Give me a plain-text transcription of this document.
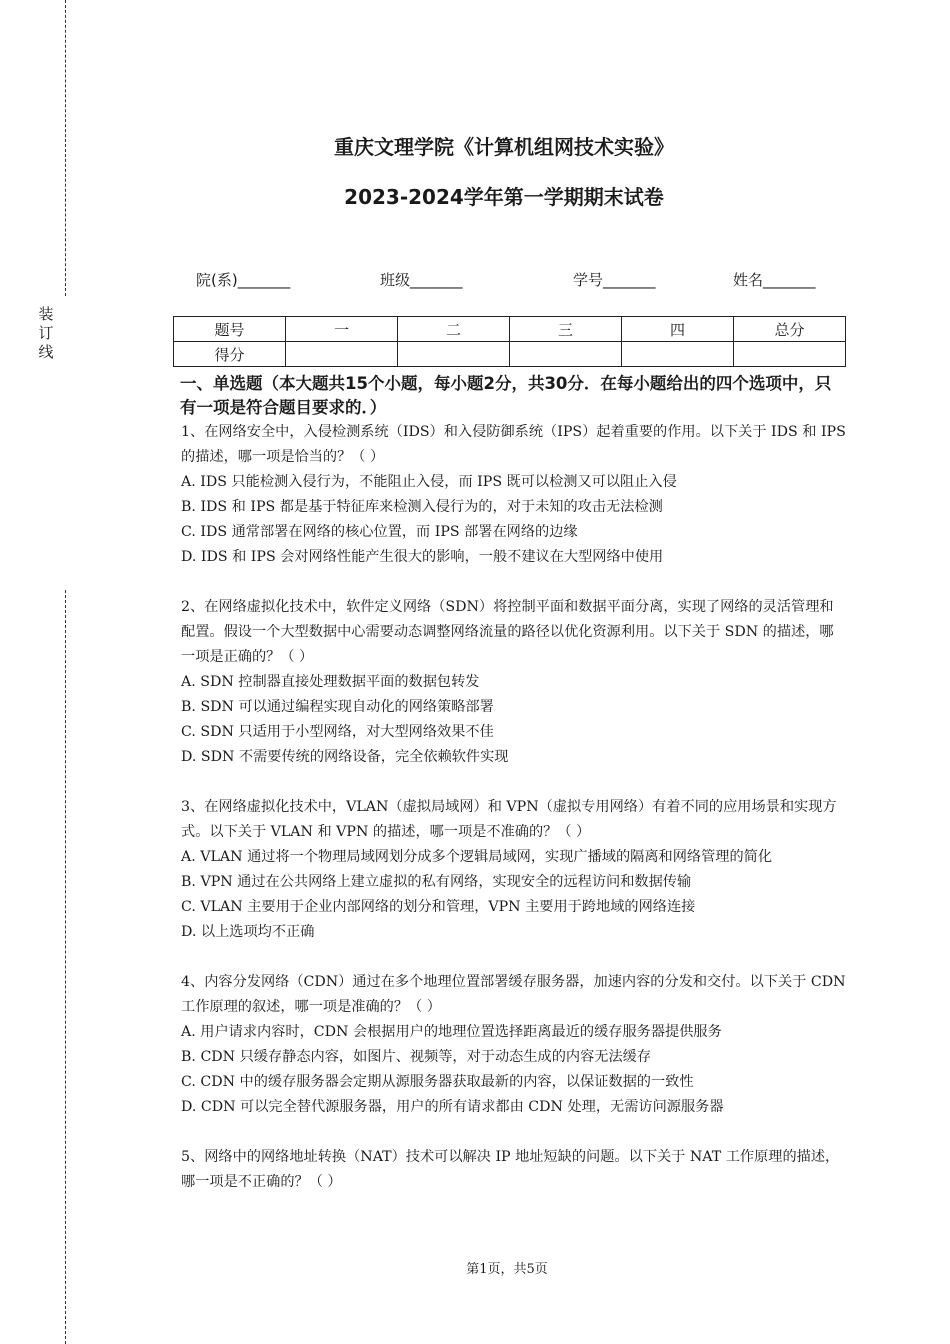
装订线
重庆文理学院《计算机组网技术实验》
2023-2024学年第一学期期末试卷
院(系)_______	班级_______	学号_______	姓名_______
题号	一	二	三	四	总分
得分					
一、单选题（本大题共15个小题，每小题2分，共30分．在每小题给出的四个选项中，只有一项是符合题目要求的．）

1、在网络安全中，入侵检测系统（IDS）和入侵防御系统（IPS）起着重要的作用。以下关于 IDS 和 IPS 的描述，哪一项是恰当的？（ ）

A. IDS 只能检测入侵行为，不能阻止入侵，而 IPS 既可以检测又可以阻止入侵

B. IDS 和 IPS 都是基于特征库来检测入侵行为的，对于未知的攻击无法检测

C. IDS 通常部署在网络的核心位置，而 IPS 部署在网络的边缘

D. IDS 和 IPS 会对网络性能产生很大的影响，一般不建议在大型网络中使用

2、在网络虚拟化技术中，软件定义网络（SDN）将控制平面和数据平面分离，实现了网络的灵活管理和配置。假设一个大型数据中心需要动态调整网络流量的路径以优化资源利用。以下关于 SDN 的描述，哪一项是正确的？（ ）

A. SDN 控制器直接处理数据平面的数据包转发

B. SDN 可以通过编程实现自动化的网络策略部署

C. SDN 只适用于小型网络，对大型网络效果不佳

D. SDN 不需要传统的网络设备，完全依赖软件实现

3、在网络虚拟化技术中，VLAN（虚拟局域网）和 VPN（虚拟专用网络）有着不同的应用场景和实现方式。以下关于 VLAN 和 VPN 的描述，哪一项是不准确的？（ ）

A. VLAN 通过将一个物理局域网划分成多个逻辑局域网，实现广播域的隔离和网络管理的简化

B. VPN 通过在公共网络上建立虚拟的私有网络，实现安全的远程访问和数据传输

C. VLAN 主要用于企业内部网络的划分和管理，VPN 主要用于跨地域的网络连接

D. 以上选项均不正确

4、内容分发网络（CDN）通过在多个地理位置部署缓存服务器，加速内容的分发和交付。以下关于 CDN 工作原理的叙述，哪一项是准确的？（ ）

A. 用户请求内容时，CDN 会根据用户的地理位置选择距离最近的缓存服务器提供服务

B. CDN 只缓存静态内容，如图片、视频等，对于动态生成的内容无法缓存

C. CDN 中的缓存服务器会定期从源服务器获取最新的内容，以保证数据的一致性

D. CDN 可以完全替代源服务器，用户的所有请求都由 CDN 处理，无需访问源服务器

5、网络中的网络地址转换（NAT）技术可以解决 IP 地址短缺的问题。以下关于 NAT 工作原理的描述，哪一项是不正确的？（ ）

第1页，共5页
